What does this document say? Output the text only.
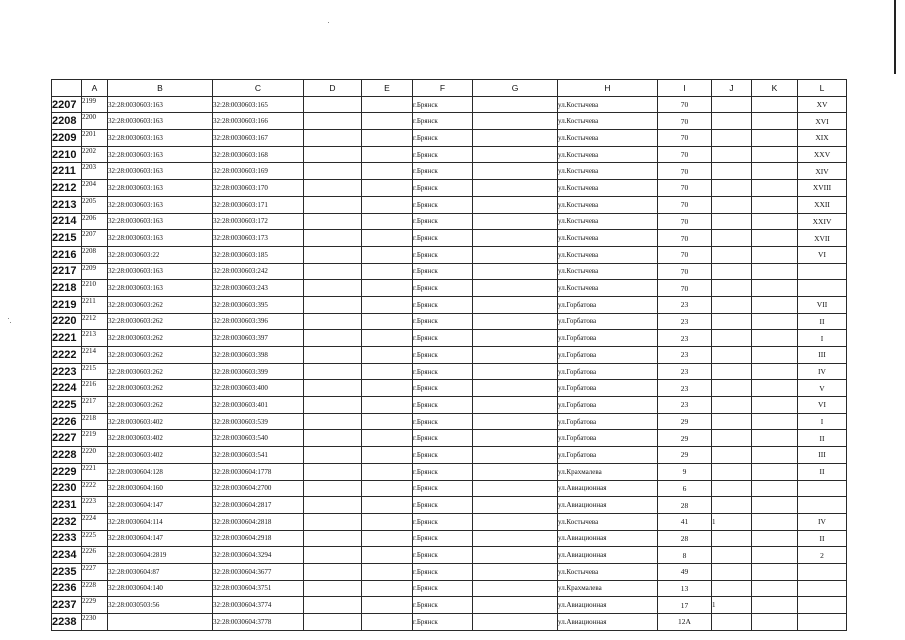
	A	B	C	D	E	F	G	H	I	J	K	L
2207	2199	32:28:0030603:163	32:28:0030603:165			г.Брянск		ул.Костычева	70			XV
2208	2200	32:28:0030603:163	32:28:0030603:166			г.Брянск		ул.Костычева	70			XVI
2209	2201	32:28:0030603:163	32:28:0030603:167			г.Брянск		ул.Костычева	70			XIX
2210	2202	32:28:0030603:163	32:28:0030603:168			г.Брянск		ул.Костычева	70			XXV
2211	2203	32:28:0030603:163	32:28:0030603:169			г.Брянск		ул.Костычева	70			XIV
2212	2204	32:28:0030603:163	32:28:0030603:170			г.Брянск		ул.Костычева	70			XVIII
2213	2205	32:28:0030603:163	32:28:0030603:171			г.Брянск		ул.Костычева	70			XXII
2214	2206	32:28:0030603:163	32:28:0030603:172			г.Брянск		ул.Костычева	70			XXIV
2215	2207	32:28:0030603:163	32:28:0030603:173			г.Брянск		ул.Костычева	70			XVII
2216	2208	32:28:0030603:22	32:28:0030603:185			г.Брянск		ул.Костычева	70			VI
2217	2209	32:28:0030603:163	32:28:0030603:242			г.Брянск		ул.Костычева	70			
2218	2210	32:28:0030603:163	32:28:0030603:243			г.Брянск		ул.Костычева	70			
2219	2211	32:28:0030603:262	32:28:0030603:395			г.Брянск		ул.Горбатова	23			VII
2220	2212	32:28:0030603:262	32:28:0030603:396			г.Брянск		ул.Горбатова	23			II
2221	2213	32:28:0030603:262	32:28:0030603:397			г.Брянск		ул.Горбатова	23			I
2222	2214	32:28:0030603:262	32:28:0030603:398			г.Брянск		ул.Горбатова	23			III
2223	2215	32:28:0030603:262	32:28:0030603:399			г.Брянск		ул.Горбатова	23			IV
2224	2216	32:28:0030603:262	32:28:0030603:400			г.Брянск		ул.Горбатова	23			V
2225	2217	32:28:0030603:262	32:28:0030603:401			г.Брянск		ул.Горбатова	23			VI
2226	2218	32:28:0030603:402	32:28:0030603:539			г.Брянск		ул.Горбатова	29			I
2227	2219	32:28:0030603:402	32:28:0030603:540			г.Брянск		ул.Горбатова	29			II
2228	2220	32:28:0030603:402	32:28:0030603:541			г.Брянск		ул.Горбатова	29			III
2229	2221	32:28:0030604:128	32:28:0030604:1778			г.Брянск		ул.Крахмалева	9			II
2230	2222	32:28:0030604:160	32:28:0030604:2700			г.Брянск		ул.Авиационная	6			
2231	2223	32:28:0030604:147	32:28:0030604:2817			г.Брянск		ул.Авиационная	28			
2232	2224	32:28:0030604:114	32:28:0030604:2818			г.Брянск		ул.Костычева	41	1		IV
2233	2225	32:28:0030604:147	32:28:0030604:2918			г.Брянск		ул.Авиационная	28			II
2234	2226	32:28:0030604:2819	32:28:0030604:3294			г.Брянск		ул.Авиационная	8			2
2235	2227	32:28:0030604:87	32:28:0030604:3677			г.Брянск		ул.Костычева	49			
2236	2228	32:28:0030604:140	32:28:0030604:3751			г.Брянск		ул.Крахмалева	13			
2237	2229	32:28:0030503:56	32:28:0030604:3774			г.Брянск		ул.Авиационная	17	1		
2238	2230		32:28:0030604:3778			г.Брянск		ул.Авиационная	12А			
